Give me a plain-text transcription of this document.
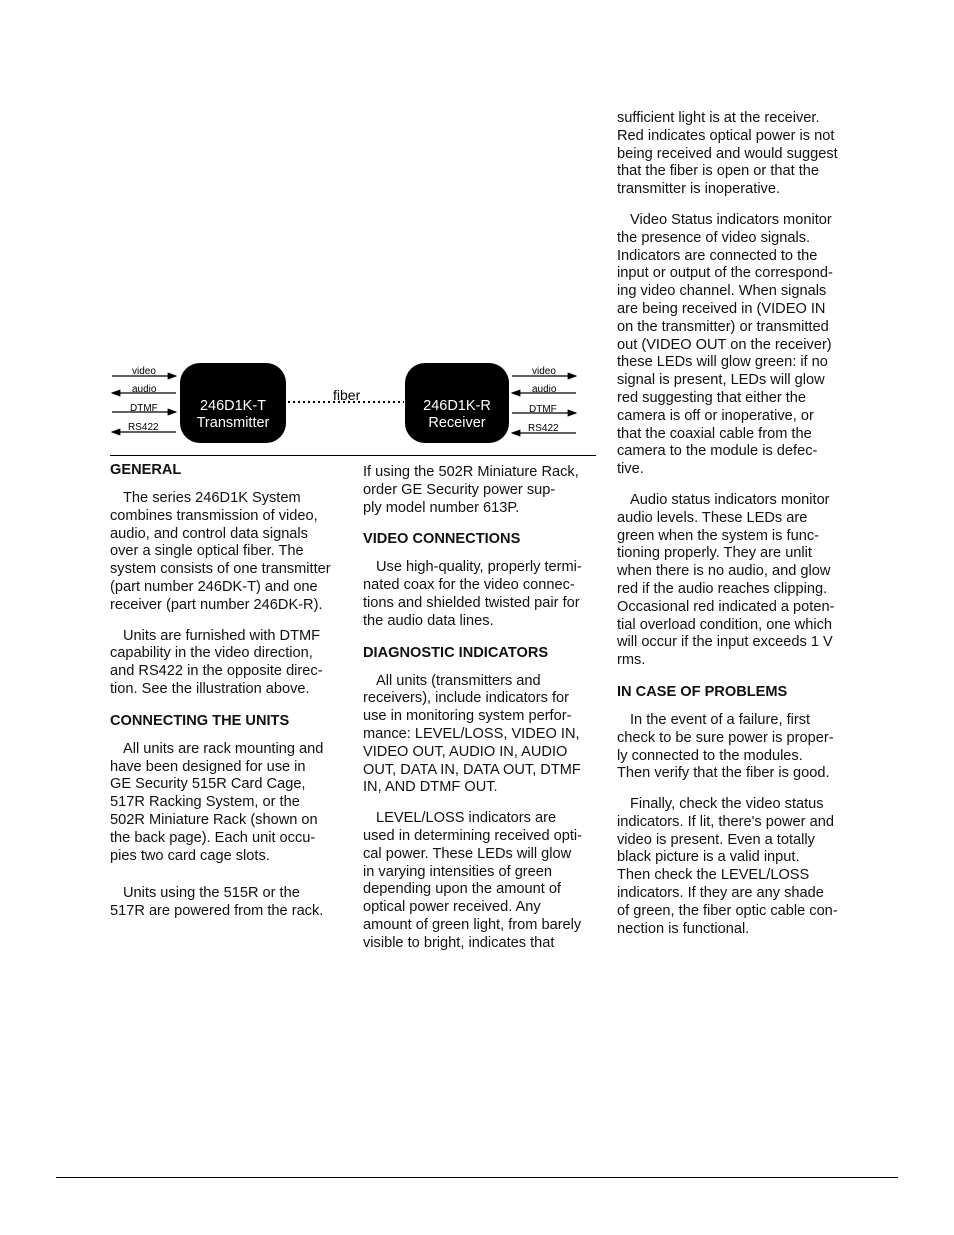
video
audio
DTMF
RS422
246D1K-T
Transmitter
fiber
246D1K-R
Receiver
video
audio
DTMF
RS422
GENERAL

The series 246D1K System
combines transmission of video,
audio, and control data signals
over a single optical fiber. The
system consists of one transmitter
(part number 246DK-T) and one
receiver (part number 246DK-R).

Units are furnished with DTMF
capability in the video direction,
and RS422 in the opposite direc-
tion. See the illustration above.

CONNECTING THE UNITS

All units are rack mounting and
have been designed for use in
GE Security 515R Card Cage,
517R Racking System, or the
502R Miniature Rack (shown on
the back page). Each unit occu-
pies two card cage slots.

Units using the 515R or the
517R are powered from the rack.

If using the 502R Miniature Rack,
order GE Security power sup-
ply model number 613P.

VIDEO CONNECTIONS

Use high-quality, properly termi-
nated coax for the video connec-
tions and shielded twisted pair for
the audio data lines.

DIAGNOSTIC INDICATORS

All units (transmitters and
receivers), include indicators for
use in monitoring system perfor-
mance: LEVEL/LOSS, VIDEO IN,
VIDEO OUT, AUDIO IN, AUDIO
OUT, DATA IN, DATA OUT, DTMF
IN, AND DTMF OUT.

LEVEL/LOSS indicators are
used in determining received opti-
cal power. These LEDs will glow
in varying intensities of green
depending upon the amount of
optical power received. Any
amount of green light, from barely
visible to bright, indicates that

sufficient light is at the receiver.
Red indicates optical power is not
being received and would suggest
that the fiber is open or that the
transmitter is inoperative.

Video Status indicators monitor
the presence of video signals.
Indicators are connected to the
input or output of the correspond-
ing video channel. When signals
are being received in (VIDEO IN
on the transmitter) or transmitted
out (VIDEO OUT on the receiver)
these LEDs will glow green: if no
signal is present, LEDs will glow
red suggesting that either the
camera is off or inoperative, or
that the coaxial cable from the
camera to the module is defec-
tive.

Audio status indicators monitor
audio levels. These LEDs are
green when the system is func-
tioning properly. They are unlit
when there is no audio, and glow
red if the audio reaches clipping.
Occasional red indicated a poten-
tial overload condition, one which
will occur if the input exceeds 1 V
rms.

IN CASE OF PROBLEMS

In the event of a failure, first
check to be sure power is proper-
ly connected to the modules.
Then verify that the fiber is good.

Finally, check the video status
indicators. If lit, there's power and
video is present. Even a totally
black picture is a valid input.
Then check the LEVEL/LOSS
indicators. If they are any shade
of green, the fiber optic cable con-
nection is functional.
